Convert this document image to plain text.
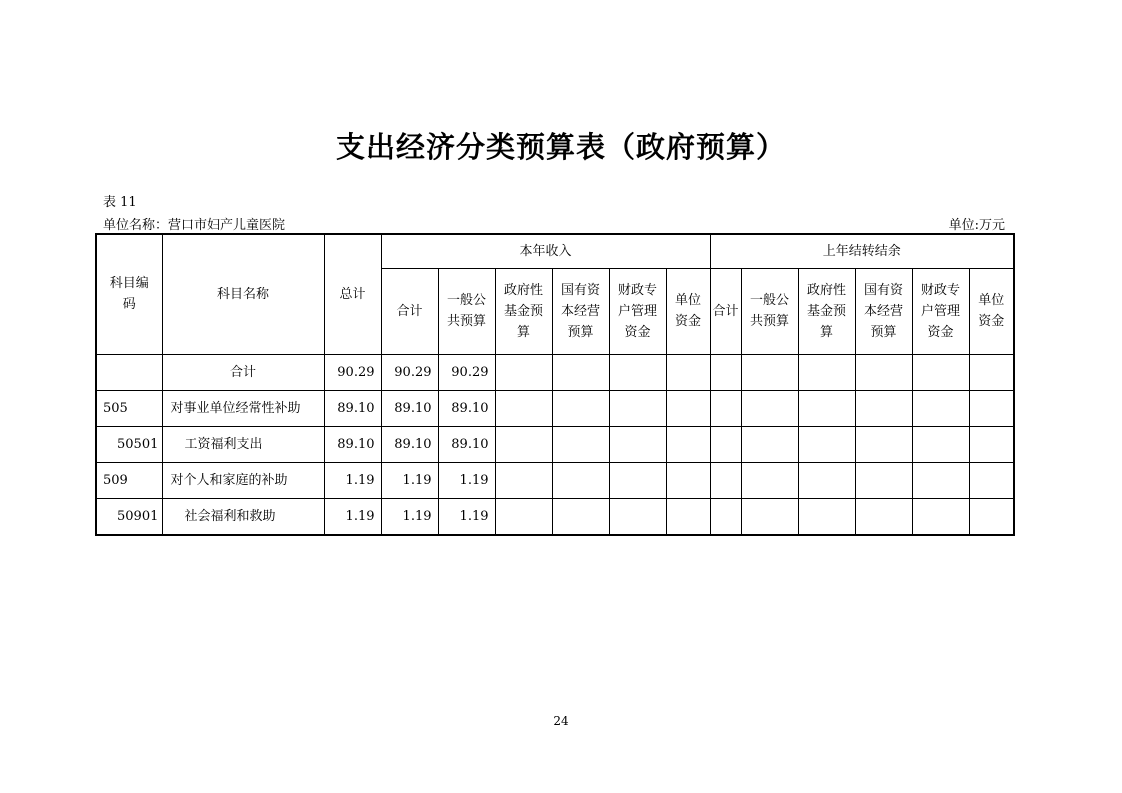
支出经济分类预算表（政府预算）
表 11
单位名称：营口市妇产儿童医院	单位:万元
科目编码	科目名称	总计	本年收入						上年结转结余					
			合计	一般公共预算	政府性基金预算	国有资本经营预算	财政专户管理资金	单位资金	合计	一般公共预算	政府性基金预算	国有资本经营预算	财政专户管理资金	单位资金
	合计	90.29	90.29	90.29										
505	对事业单位经常性补助	89.10	89.10	89.10										
50501	工资福利支出	89.10	89.10	89.10										
509	对个人和家庭的补助	1.19	1.19	1.19										
50901	社会福利和救助	1.19	1.19	1.19										
24
